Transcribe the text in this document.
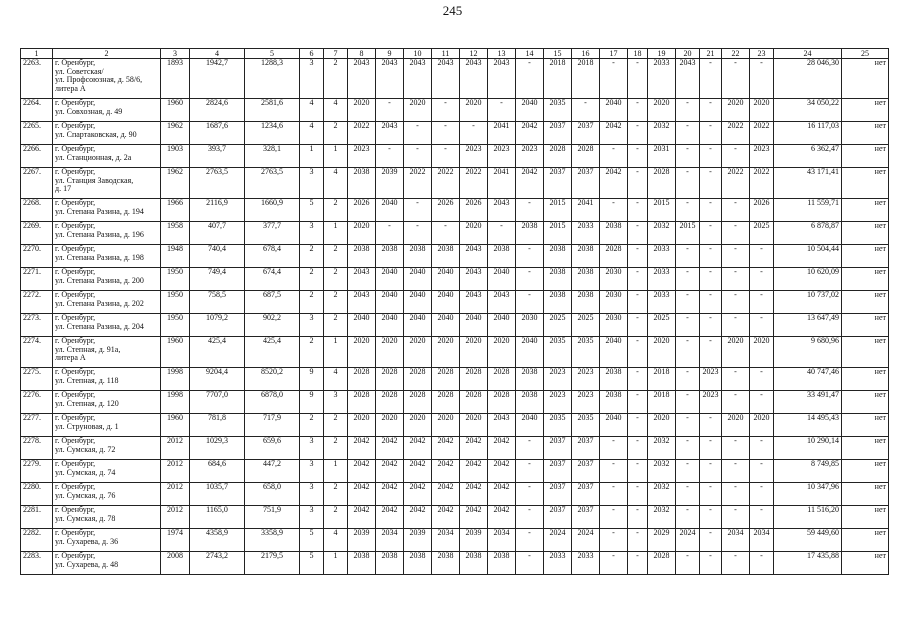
245
1	2	3	4	5	6	7	8	9	10	11	12	13	14	15	16	17	18	19	20	21	22	23	24	25
2263.	г. Оренбург,
ул. Советская/
ул. Профсоюзная, д. 58/6,
литера А	1893	1942,7	1288,3	3	2	2043	2043	2043	2043	2043	2043	-	2018	2018	-	-	2033	2043	-	-	-	28 046,30	нет
2264.	г. Оренбург,
ул. Совхозная, д. 49	1960	2824,6	2581,6	4	4	2020	-	2020	-	2020	-	2040	2035	-	2040	-	2020	-	-	2020	2020	34 050,22	нет
2265.	г. Оренбург,
ул. Спартаковская, д. 90	1962	1687,6	1234,6	4	2	2022	2043	-	-	-	2041	2042	2037	2037	2042	-	2032	-	-	2022	2022	16 117,03	нет
2266.	г. Оренбург,
ул. Станционная, д. 2а	1903	393,7	328,1	1	1	2023	-	-	-	2023	2023	2023	2028	2028	-	-	2031	-	-	-	2023	6 362,47	нет
2267.	г. Оренбург,
ул. Станция Заводская,
д. 17	1962	2763,5	2763,5	3	4	2038	2039	2022	2022	2022	2041	2042	2037	2037	2042	-	2028	-	-	2022	2022	43 171,41	нет
2268.	г. Оренбург,
ул. Степана Разина, д. 194	1966	2116,9	1660,9	5	2	2026	2040	-	2026	2026	2043	-	2015	2041	-	-	2015	-	-	-	2026	11 559,71	нет
2269.	г. Оренбург,
ул. Степана Разина, д. 196	1958	407,7	377,7	3	1	2020	-	-	-	2020	-	2038	2015	2033	2038	-	2032	2015	-	-	2025	6 878,87	нет
2270.	г. Оренбург,
ул. Степана Разина, д. 198	1948	740,4	678,4	2	2	2038	2038	2038	2038	2043	2038	-	2038	2038	2028	-	2033	-	-	-	-	10 504,44	нет
2271.	г. Оренбург,
ул. Степана Разина, д. 200	1950	749,4	674,4	2	2	2043	2040	2040	2040	2043	2040	-	2038	2038	2030	-	2033	-	-	-	-	10 620,09	нет
2272.	г. Оренбург,
ул. Степана Разина, д. 202	1950	758,5	687,5	2	2	2043	2040	2040	2040	2043	2043	-	2038	2038	2030	-	2033	-	-	-	-	10 737,02	нет
2273.	г. Оренбург,
ул. Степана Разина, д. 204	1950	1079,2	902,2	3	2	2040	2040	2040	2040	2040	2040	2030	2025	2025	2030	-	2025	-	-	-	-	13 647,49	нет
2274.	г. Оренбург,
ул. Степная, д. 91а,
литера А	1960	425,4	425,4	2	1	2020	2020	2020	2020	2020	2020	2040	2035	2035	2040	-	2020	-	-	2020	2020	9 680,96	нет
2275.	г. Оренбург,
ул. Степная, д. 118	1998	9204,4	8520,2	9	4	2028	2028	2028	2028	2028	2028	2038	2023	2023	2038	-	2018	-	2023	-	-	40 747,46	нет
2276.	г. Оренбург,
ул. Степная, д. 120	1998	7707,0	6878,0	9	3	2028	2028	2028	2028	2028	2028	2038	2023	2023	2038	-	2018	-	2023	-	-	33 491,47	нет
2277.	г. Оренбург,
ул. Струновая, д. 1	1960	781,8	717,9	2	2	2020	2020	2020	2020	2020	2043	2040	2035	2035	2040	-	2020	-	-	2020	2020	14 495,43	нет
2278.	г. Оренбург,
ул. Сумская, д. 72	2012	1029,3	659,6	3	2	2042	2042	2042	2042	2042	2042	-	2037	2037	-	-	2032	-	-	-	-	10 290,14	нет
2279.	г. Оренбург,
ул. Сумская, д. 74	2012	684,6	447,2	3	1	2042	2042	2042	2042	2042	2042	-	2037	2037	-	-	2032	-	-	-	-	8 749,85	нет
2280.	г. Оренбург,
ул. Сумская, д. 76	2012	1035,7	658,0	3	2	2042	2042	2042	2042	2042	2042	-	2037	2037	-	-	2032	-	-	-	-	10 347,96	нет
2281.	г. Оренбург,
ул. Сумская, д. 78	2012	1165,0	751,9	3	2	2042	2042	2042	2042	2042	2042	-	2037	2037	-	-	2032	-	-	-	-	11 516,20	нет
2282.	г. Оренбург,
ул. Сухарева, д. 36	1974	4358,9	3358,9	5	4	2039	2034	2039	2034	2039	2034	-	2024	2024	-	-	2029	2024	-	2034	2034	59 449,60	нет
2283.	г. Оренбург,
ул. Сухарева, д. 48	2008	2743,2	2179,5	5	1	2038	2038	2038	2038	2038	2038	-	2033	2033	-	-	2028	-	-	-	-	17 435,88	нет
